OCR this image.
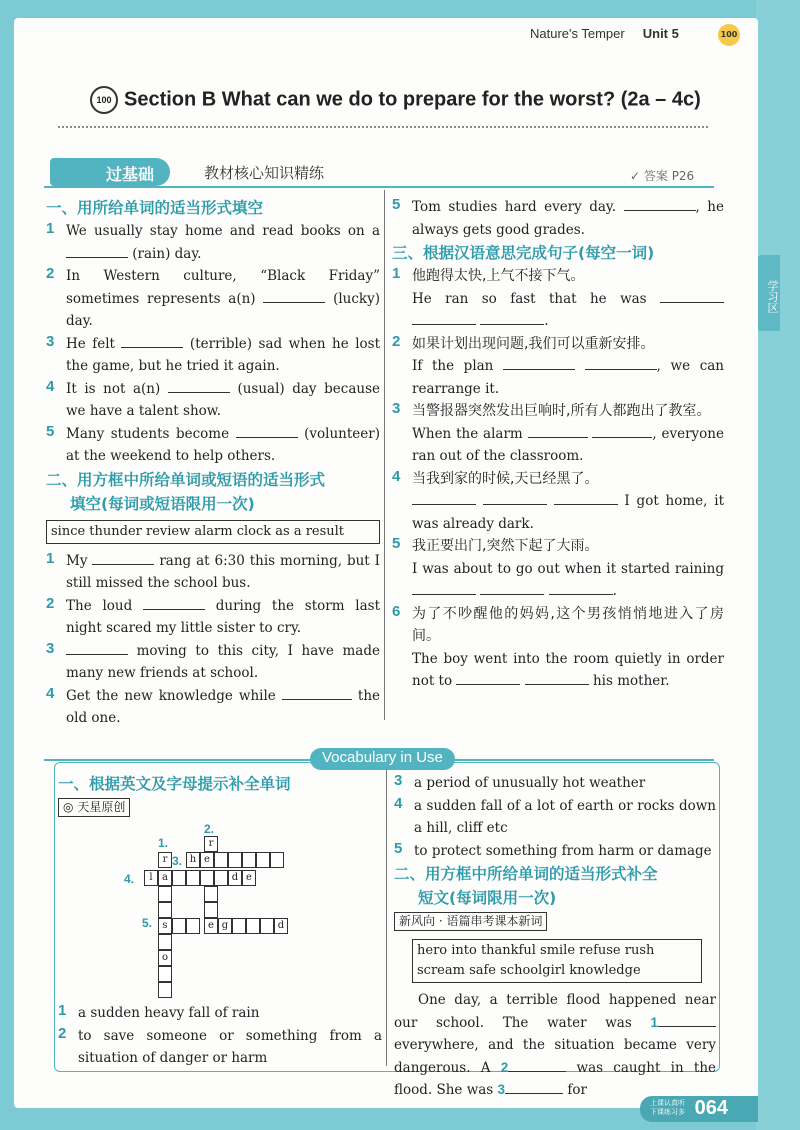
学习区
Nature's Temper Unit 5	100
100 Section B What can we do to prepare for the worst? (2a – 4c)
过基础	教材核心知识精练	✓ 答案 P26
一、用所给单词的适当形式填空
1 We usually stay home and read books on a  (rain) day.
2 In Western culture, “Black Friday” sometimes represents a(n)	(lucky) day.
3 He felt	(terrible) sad when he lost the game, but he tried it again.
4 It is not a(n)	(usual) day because we have a talent show.
5 Many students become	(volunteer) at the weekend to help others.
二、用方框中所给单词或短语的适当形式
填空(每词或短语限用一次)
since thunder review alarm clock as a result
1 My	rang at 6:30 this morning, but I still missed the school bus.
2 The loud	during the storm last night scared my little sister to cry.
3	moving to this city, I have made many new friends at school.
4 Get the new knowledge while	the old one.
5 Tom studies hard every day.	, he always gets good grades.
三、根据汉语意思完成句子(每空一词)
1 他跑得太快,上气不接下气。
He ran so fast that he was   .
2 如果计划出现问题,我们可以重新安排。
If the plan	, we can rearrange it.
3 当警报器突然发出巨响时,所有人都跑出了教室。
When the alarm	, everyone ran out of the classroom.
4 当我到家的时候,天已经黑了。
I got home, it was already dark.
5 我正要出门,突然下起了大雨。
I was about to go out when it started raining   .
6 为了不吵醒他的妈妈,这个男孩悄悄地进入了房间。
The boy went into the room quietly in order not to	his mother.
Vocabulary in Use
一、根据英文及字母提示补全单词
◎ 天星原创
1.
2.
3.
4.
5.
r
r	h e
l a	d e
s	e g	d
o
1 a sudden heavy fall of rain
2 to save someone or something from a situation of danger or harm
3 a period of unusually hot weather
4 a sudden fall of a lot of earth or rocks down a hill, cliff etc
5 to protect something from harm or damage
二、用方框中所给单词的适当形式补全
短文(每词限用一次)
新风向 · 语篇串考课本新词
hero into thankful smile refuse rush
scream safe schoolgirl knowledge
One day, a terrible flood happened near our school. The water was 1 everywhere, and the situation became very dangerous. A 2	was caught in the flood. She was 3	for
上课认真听
下课练习多 064
